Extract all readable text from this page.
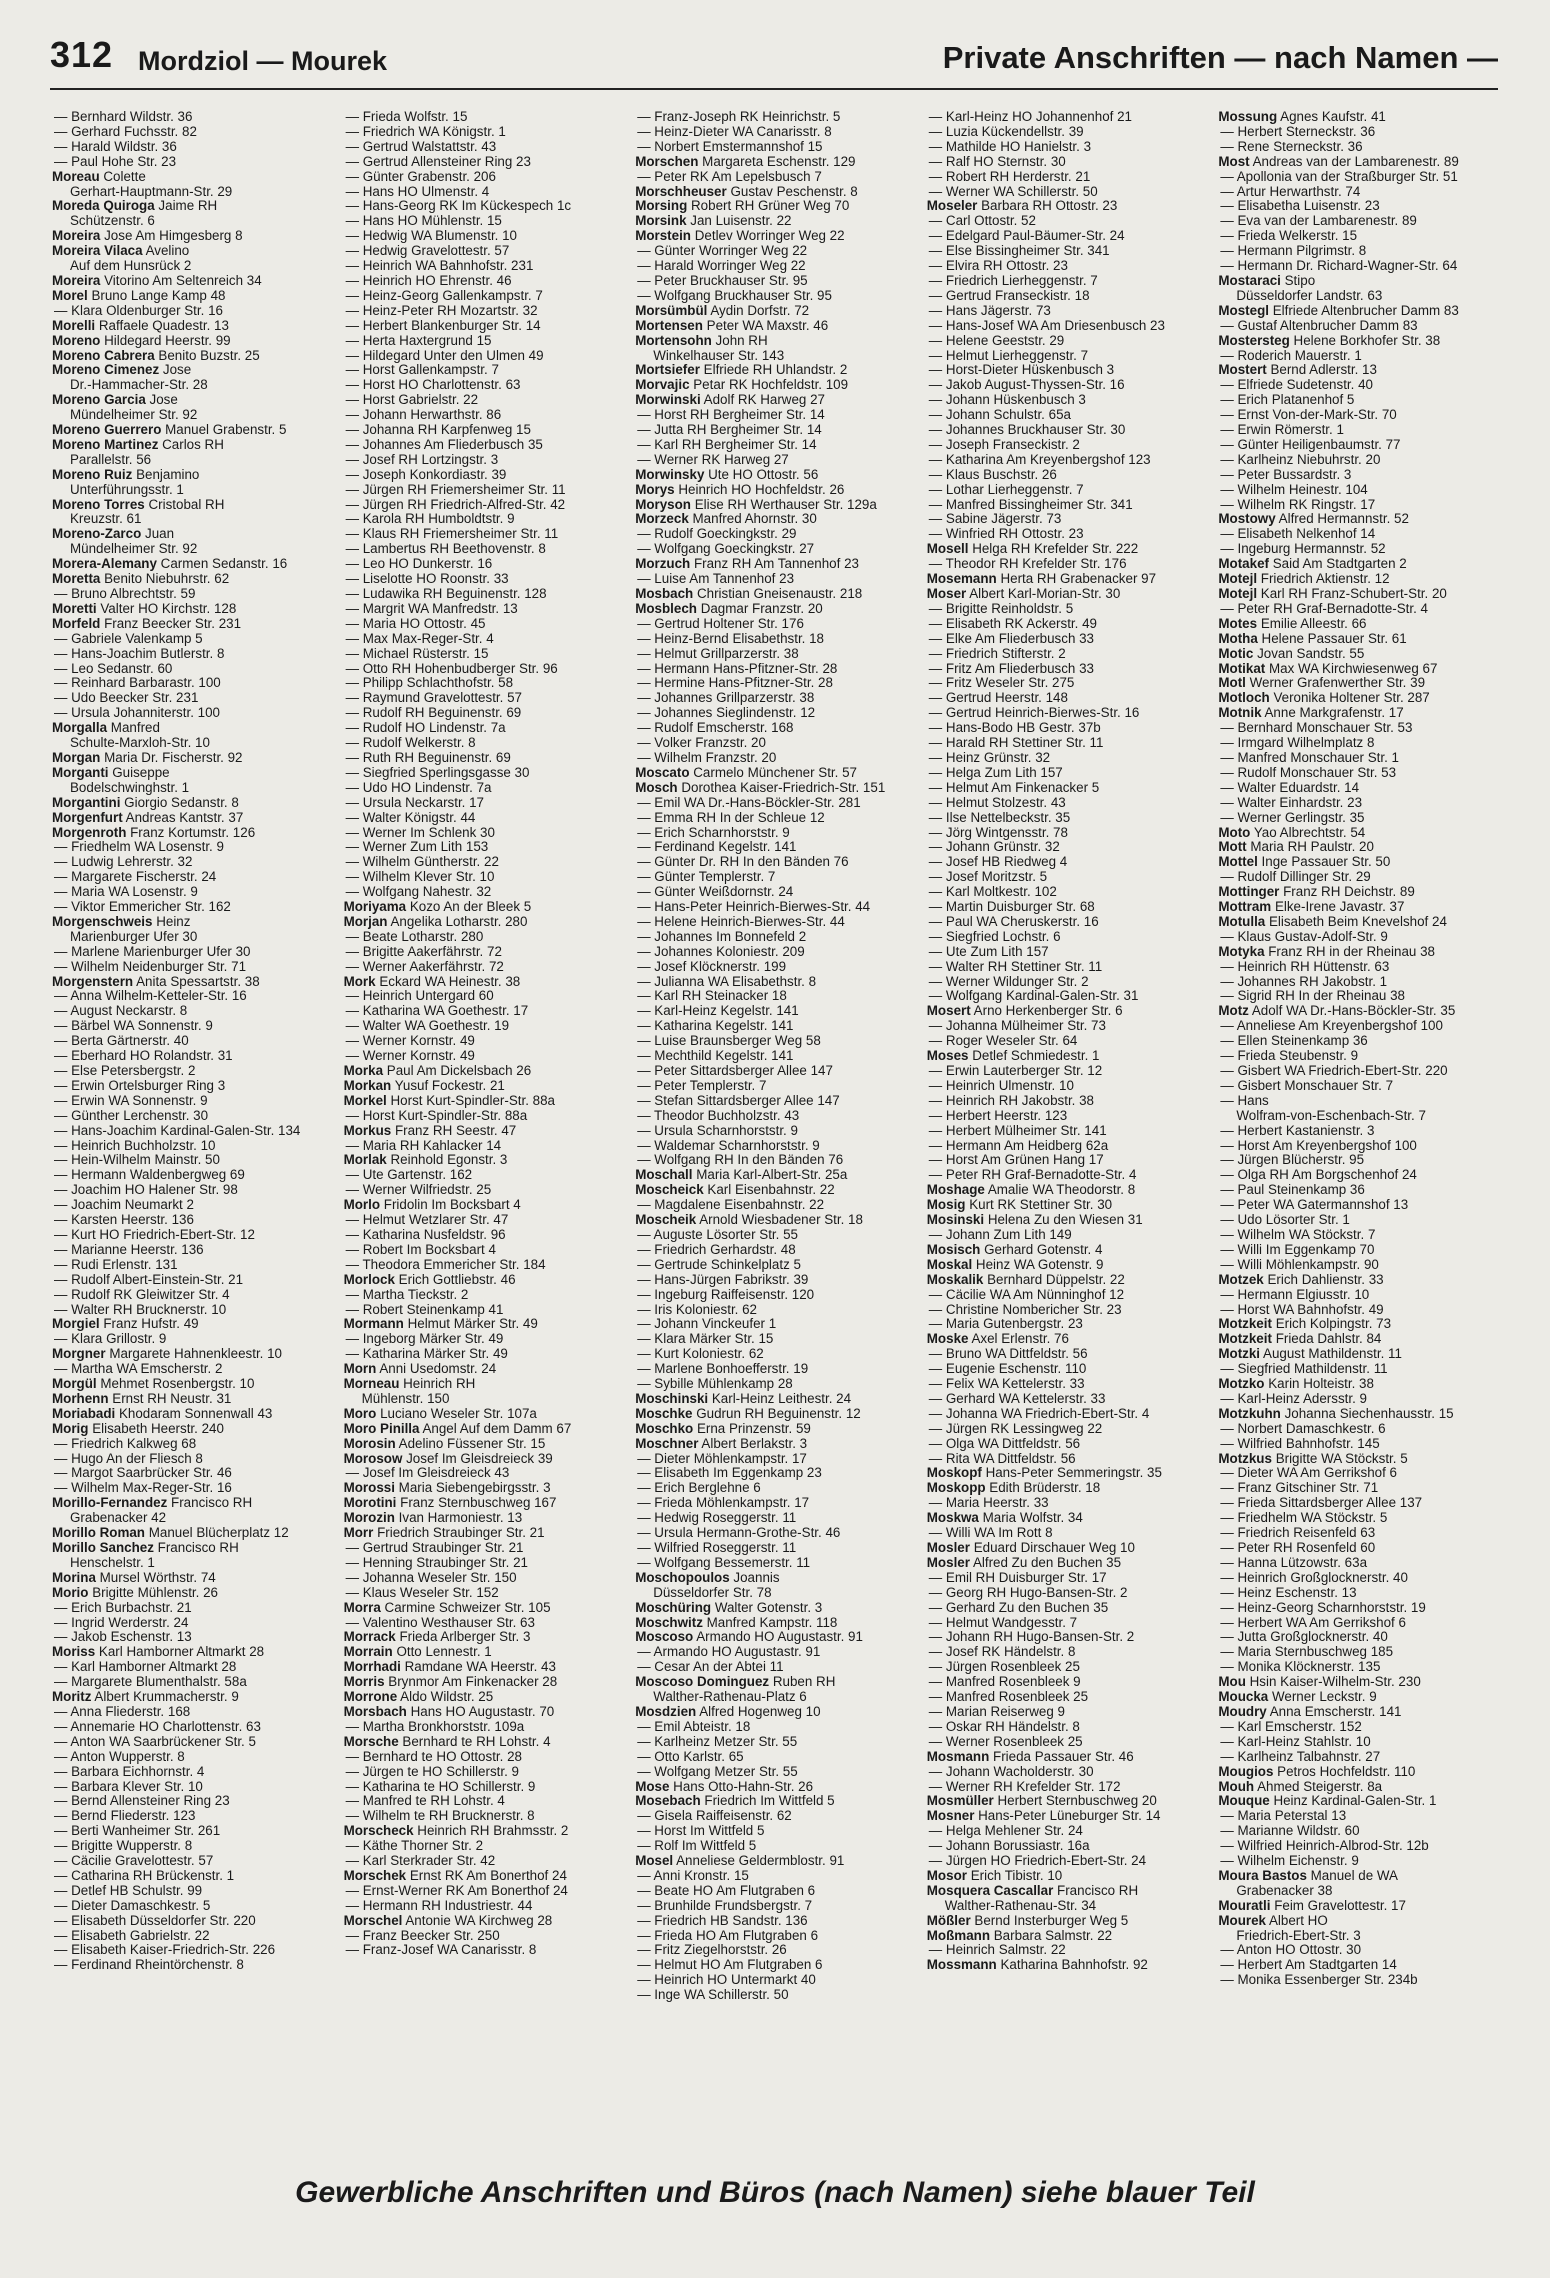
312 Mordziol — Mourek	Private Anschriften — nach Namen —
— Bernhard Wildstr. 36
— Gerhard Fuchsstr. 82
— Harald Wildstr. 36
— Paul Hohe Str. 23
Moreau Colette
Gerhart-Hauptmann-Str. 29
Moreda Quiroga Jaime RH
Schützenstr. 6
Moreira Jose Am Himgesberg 8
Moreira Vilaca Avelino
Auf dem Hunsrück 2
Moreira Vitorino Am Seltenreich 34
Morel Bruno Lange Kamp 48
— Klara Oldenburger Str. 16
Morelli Raffaele Quadestr. 13
Moreno Hildegard Heerstr. 99
Moreno Cabrera Benito Buzstr. 25
Moreno Cimenez Jose
Dr.-Hammacher-Str. 28
Moreno Garcia Jose
Mündelheimer Str. 92
Moreno Guerrero Manuel Grabenstr. 5
Moreno Martinez Carlos RH
Parallelstr. 56
Moreno Ruiz Benjamino
Unterführungsstr. 1
Moreno Torres Cristobal RH
Kreuzstr. 61
Moreno-Zarco Juan
Mündelheimer Str. 92
Morera-Alemany Carmen Sedanstr. 16
Moretta Benito Niebuhrstr. 62
— Bruno Albrechtstr. 59
Moretti Valter HO Kirchstr. 128
Morfeld Franz Beecker Str. 231
— Gabriele Valenkamp 5
— Hans-Joachim Butlerstr. 8
— Leo Sedanstr. 60
— Reinhard Barbarastr. 100
— Udo Beecker Str. 231
— Ursula Johanniterstr. 100
Morgalla Manfred
Schulte-Marxloh-Str. 10
Morgan Maria Dr. Fischerstr. 92
Morganti Guiseppe
Bodelschwinghstr. 1
Morgantini Giorgio Sedanstr. 8
Morgenfurt Andreas Kantstr. 37
Morgenroth Franz Kortumstr. 126
— Friedhelm WA Losenstr. 9
— Ludwig Lehrerstr. 32
— Margarete Fischerstr. 24
— Maria WA Losenstr. 9
— Viktor Emmericher Str. 162
Morgenschweis Heinz
Marienburger Ufer 30
— Marlene Marienburger Ufer 30
— Wilhelm Neidenburger Str. 71
Morgenstern Anita Spessartstr. 38
— Anna Wilhelm-Ketteler-Str. 16
— August Neckarstr. 8
— Bärbel WA Sonnenstr. 9
— Berta Gärtnerstr. 40
— Eberhard HO Rolandstr. 31
— Else Petersbergstr. 2
— Erwin Ortelsburger Ring 3
— Erwin WA Sonnenstr. 9
— Günther Lerchenstr. 30
— Hans-Joachim Kardinal-Galen-Str. 134
— Heinrich Buchholzstr. 10
— Hein-Wilhelm Mainstr. 50
— Hermann Waldenbergweg 69
— Joachim HO Halener Str. 98
— Joachim Neumarkt 2
— Karsten Heerstr. 136
— Kurt HO Friedrich-Ebert-Str. 12
— Marianne Heerstr. 136
— Rudi Erlenstr. 131
— Rudolf Albert-Einstein-Str. 21
— Rudolf RK Gleiwitzer Str. 4
— Walter RH Brucknerstr. 10
Morgiel Franz Hufstr. 49
— Klara Grillostr. 9
Morgner Margarete Hahnenkleestr. 10
— Martha WA Emscherstr. 2
Morgül Mehmet Rosenbergstr. 10
Morhenn Ernst RH Neustr. 31
Moriabadi Khodaram Sonnenwall 43
Morig Elisabeth Heerstr. 240
— Friedrich Kalkweg 68
— Hugo An der Fliesch 8
— Margot Saarbrücker Str. 46
— Wilhelm Max-Reger-Str. 16
Morillo-Fernandez Francisco RH
Grabenacker 42
Morillo Roman Manuel Blücherplatz 12
Morillo Sanchez Francisco RH
Henschelstr. 1
Morina Mursel Wörthstr. 74
Morio Brigitte Mühlenstr. 26
— Erich Burbachstr. 21
— Ingrid Werderstr. 24
— Jakob Eschenstr. 13
Moriss Karl Hamborner Altmarkt 28
— Karl Hamborner Altmarkt 28
— Margarete Blumenthalstr. 58a
Moritz Albert Krummacherstr. 9
— Anna Fliederstr. 168
— Annemarie HO Charlottenstr. 63
— Anton WA Saarbrückener Str. 5
— Anton Wupperstr. 8
— Barbara Eichhornstr. 4
— Barbara Klever Str. 10
— Bernd Allensteiner Ring 23
— Bernd Fliederstr. 123
— Berti Wanheimer Str. 261
— Brigitte Wupperstr. 8
— Cäcilie Gravelottestr. 57
— Catharina RH Brückenstr. 1
— Detlef HB Schulstr. 99
— Dieter Damaschkestr. 5
— Elisabeth Düsseldorfer Str. 220
— Elisabeth Gabrielstr. 22
— Elisabeth Kaiser-Friedrich-Str. 226
— Ferdinand Rheintörchenstr. 8
— Frieda Wolfstr. 15
— Friedrich WA Königstr. 1
— Gertrud Walstattstr. 43
— Gertrud Allensteiner Ring 23
— Günter Grabenstr. 206
— Hans HO Ulmenstr. 4
— Hans-Georg RK Im Kückespech 1c
— Hans HO Mühlenstr. 15
— Hedwig WA Blumenstr. 10
— Hedwig Gravelottestr. 57
— Heinrich WA Bahnhofstr. 231
— Heinrich HO Ehrenstr. 46
— Heinz-Georg Gallenkampstr. 7
— Heinz-Peter RH Mozartstr. 32
— Herbert Blankenburger Str. 14
— Herta Haxtergrund 15
— Hildegard Unter den Ulmen 49
— Horst Gallenkampstr. 7
— Horst HO Charlottenstr. 63
— Horst Gabrielstr. 22
— Johann Herwarthstr. 86
— Johanna RH Karpfenweg 15
— Johannes Am Fliederbusch 35
— Josef RH Lortzingstr. 3
— Joseph Konkordiastr. 39
— Jürgen RH Friemersheimer Str. 11
— Jürgen RH Friedrich-Alfred-Str. 42
— Karola RH Humboldtstr. 9
— Klaus RH Friemersheimer Str. 11
— Lambertus RH Beethovenstr. 8
— Leo HO Dunkerstr. 16
— Liselotte HO Roonstr. 33
— Ludawika RH Beguinenstr. 128
— Margrit WA Manfredstr. 13
— Maria HO Ottostr. 45
— Max Max-Reger-Str. 4
— Michael Rüsterstr. 15
— Otto RH Hohenbudberger Str. 96
— Philipp Schlachthofstr. 58
— Raymund Gravelottestr. 57
— Rudolf RH Beguinenstr. 69
— Rudolf HO Lindenstr. 7a
— Rudolf Welkerstr. 8
— Ruth RH Beguinenstr. 69
— Siegfried Sperlingsgasse 30
— Udo HO Lindenstr. 7a
— Ursula Neckarstr. 17
— Walter Königstr. 44
— Werner Im Schlenk 30
— Werner Zum Lith 153
— Wilhelm Güntherstr. 22
— Wilhelm Klever Str. 10
— Wolfgang Nahestr. 32
Moriyama Kozo An der Bleek 5
Morjan Angelika Lotharstr. 280
— Beate Lotharstr. 280
— Brigitte Aakerfährstr. 72
— Werner Aakerfährstr. 72
Mork Eckard WA Heinestr. 38
— Heinrich Untergard 60
— Katharina WA Goethestr. 17
— Walter WA Goethestr. 19
— Werner Kornstr. 49
— Werner Kornstr. 49
Morka Paul Am Dickelsbach 26
Morkan Yusuf Fockestr. 21
Morkel Horst Kurt-Spindler-Str. 88a
— Horst Kurt-Spindler-Str. 88a
Morkus Franz RH Seestr. 47
— Maria RH Kahlacker 14
Morlak Reinhold Egonstr. 3
— Ute Gartenstr. 162
— Werner Wilfriedstr. 25
Morlo Fridolin Im Bocksbart 4
— Helmut Wetzlarer Str. 47
— Katharina Nusfeldstr. 96
— Robert Im Bocksbart 4
— Theodora Emmericher Str. 184
Morlock Erich Gottliebstr. 46
— Martha Tieckstr. 2
— Robert Steinenkamp 41
Mormann Helmut Märker Str. 49
— Ingeborg Märker Str. 49
— Katharina Märker Str. 49
Morn Anni Usedomstr. 24
Morneau Heinrich RH
Mühlenstr. 150
Moro Luciano Weseler Str. 107a
Moro Pinilla Angel Auf dem Damm 67
Morosin Adelino Füssener Str. 15
Morosow Josef Im Gleisdreieck 39
— Josef Im Gleisdreieck 43
Morossi Maria Siebengebirgsstr. 3
Morotini Franz Sternbuschweg 167
Morozin Ivan Harmoniestr. 13
Morr Friedrich Straubinger Str. 21
— Gertrud Straubinger Str. 21
— Henning Straubinger Str. 21
— Johanna Weseler Str. 150
— Klaus Weseler Str. 152
Morra Carmine Schweizer Str. 105
— Valentino Westhauser Str. 63
Morrack Frieda Arlberger Str. 3
Morrain Otto Lennestr. 1
Morrhadi Ramdane WA Heerstr. 43
Morris Brynmor Am Finkenacker 28
Morrone Aldo Wildstr. 25
Morsbach Hans HO Augustastr. 70
— Martha Bronkhorststr. 109a
Morsche Bernhard te RH Lohstr. 4
— Bernhard te HO Ottostr. 28
— Jürgen te HO Schillerstr. 9
— Katharina te HO Schillerstr. 9
— Manfred te RH Lohstr. 4
— Wilhelm te RH Brucknerstr. 8
Morscheck Heinrich RH Brahmsstr. 2
— Käthe Thorner Str. 2
— Karl Sterkrader Str. 42
Morschek Ernst RK Am Bonerthof 24
— Ernst-Werner RK Am Bonerthof 24
— Hermann RH Industriestr. 44
Morschel Antonie WA Kirchweg 28
— Franz Beecker Str. 250
— Franz-Josef WA Canarisstr. 8
— Franz-Joseph RK Heinrichstr. 5
— Heinz-Dieter WA Canarisstr. 8
— Norbert Emstermannshof 15
Morschen Margareta Eschenstr. 129
— Peter RK Am Lepelsbusch 7
Morschheuser Gustav Peschenstr. 8
Morsing Robert RH Grüner Weg 70
Morsink Jan Luisenstr. 22
Morstein Detlev Worringer Weg 22
— Günter Worringer Weg 22
— Harald Worringer Weg 22
— Peter Bruckhauser Str. 95
— Wolfgang Bruckhauser Str. 95
Morsümbül Aydin Dorfstr. 72
Mortensen Peter WA Maxstr. 46
Mortensohn John RH
Winkelhauser Str. 143
Mortsiefer Elfriede RH Uhlandstr. 2
Morvajic Petar RK Hochfeldstr. 109
Morwinski Adolf RK Harweg 27
— Horst RH Bergheimer Str. 14
— Jutta RH Bergheimer Str. 14
— Karl RH Bergheimer Str. 14
— Werner RK Harweg 27
Morwinsky Ute HO Ottostr. 56
Morys Heinrich HO Hochfeldstr. 26
Moryson Elise RH Werthauser Str. 129a
Morzeck Manfred Ahornstr. 30
— Rudolf Goeckingkstr. 29
— Wolfgang Goeckingkstr. 27
Morzuch Franz RH Am Tannenhof 23
— Luise Am Tannenhof 23
Mosbach Christian Gneisenaustr. 218
Mosblech Dagmar Franzstr. 20
— Gertrud Holtener Str. 176
— Heinz-Bernd Elisabethstr. 18
— Helmut Grillparzerstr. 38
— Hermann Hans-Pfitzner-Str. 28
— Hermine Hans-Pfitzner-Str. 28
— Johannes Grillparzerstr. 38
— Johannes Sieglindenstr. 12
— Rudolf Emscherstr. 168
— Volker Franzstr. 20
— Wilhelm Franzstr. 20
Moscato Carmelo Münchener Str. 57
Mosch Dorothea Kaiser-Friedrich-Str. 151
— Emil WA Dr.-Hans-Böckler-Str. 281
— Emma RH In der Schleue 12
— Erich Scharnhorststr. 9
— Ferdinand Kegelstr. 141
— Günter Dr. RH In den Bänden 76
— Günter Templerstr. 7
— Günter Weißdornstr. 24
— Hans-Peter Heinrich-Bierwes-Str. 44
— Helene Heinrich-Bierwes-Str. 44
— Johannes Im Bonnefeld 2
— Johannes Koloniestr. 209
— Josef Klöcknerstr. 199
— Julianna WA Elisabethstr. 8
— Karl RH Steinacker 18
— Karl-Heinz Kegelstr. 141
— Katharina Kegelstr. 141
— Luise Braunsberger Weg 58
— Mechthild Kegelstr. 141
— Peter Sittardsberger Allee 147
— Peter Templerstr. 7
— Stefan Sittardsberger Allee 147
— Theodor Buchholzstr. 43
— Ursula Scharnhorststr. 9
— Waldemar Scharnhorststr. 9
— Wolfgang RH In den Bänden 76
Moschall Maria Karl-Albert-Str. 25a
Moscheick Karl Eisenbahnstr. 22
— Magdalene Eisenbahnstr. 22
Moscheik Arnold Wiesbadener Str. 18
— Auguste Lösorter Str. 55
— Friedrich Gerhardstr. 48
— Gertrude Schinkelplatz 5
— Hans-Jürgen Fabrikstr. 39
— Ingeburg Raiffeisenstr. 120
— Iris Koloniestr. 62
— Johann Vinckeufer 1
— Klara Märker Str. 15
— Kurt Koloniestr. 62
— Marlene Bonhoefferstr. 19
— Sybille Mühlenkamp 28
Moschinski Karl-Heinz Leithestr. 24
Moschke Gudrun RH Beguinenstr. 12
Moschko Erna Prinzenstr. 59
Moschner Albert Berlakstr. 3
— Dieter Möhlenkampstr. 17
— Elisabeth Im Eggenkamp 23
— Erich Berglehne 6
— Frieda Möhlenkampstr. 17
— Hedwig Roseggerstr. 11
— Ursula Hermann-Grothe-Str. 46
— Wilfried Roseggerstr. 11
— Wolfgang Bessemerstr. 11
Moschopoulos Joannis
Düsseldorfer Str. 78
Moschüring Walter Gotenstr. 3
Moschwitz Manfred Kampstr. 118
Moscoso Armando HO Augustastr. 91
— Armando HO Augustastr. 91
— Cesar An der Abtei 11
Moscoso Dominguez Ruben RH
Walther-Rathenau-Platz 6
Mosdzien Alfred Hogenweg 10
— Emil Abteistr. 18
— Karlheinz Metzer Str. 55
— Otto Karlstr. 65
— Wolfgang Metzer Str. 55
Mose Hans Otto-Hahn-Str. 26
Mosebach Friedrich Im Wittfeld 5
— Gisela Raiffeisenstr. 62
— Horst Im Wittfeld 5
— Rolf Im Wittfeld 5
Mosel Anneliese Geldermblostr. 91
— Anni Kronstr. 15
— Beate HO Am Flutgraben 6
— Brunhilde Frundsbergstr. 7
— Friedrich HB Sandstr. 136
— Frieda HO Am Flutgraben 6
— Fritz Ziegelhorststr. 26
— Helmut HO Am Flutgraben 6
— Heinrich HO Untermarkt 40
— Inge WA Schillerstr. 50
— Karl-Heinz HO Johannenhof 21
— Luzia Kückendellstr. 39
— Mathilde HO Hanielstr. 3
— Ralf HO Sternstr. 30
— Robert RH Herderstr. 21
— Werner WA Schillerstr. 50
Moseler Barbara RH Ottostr. 23
— Carl Ottostr. 52
— Edelgard Paul-Bäumer-Str. 24
— Else Bissingheimer Str. 341
— Elvira RH Ottostr. 23
— Friedrich Lierheggenstr. 7
— Gertrud Franseckistr. 18
— Hans Jägerstr. 73
— Hans-Josef WA Am Driesenbusch 23
— Helene Geeststr. 29
— Helmut Lierheggenstr. 7
— Horst-Dieter Hüskenbusch 3
— Jakob August-Thyssen-Str. 16
— Johann Hüskenbusch 3
— Johann Schulstr. 65a
— Johannes Bruckhauser Str. 30
— Joseph Franseckistr. 2
— Katharina Am Kreyenbergshof 123
— Klaus Buschstr. 26
— Lothar Lierheggenstr. 7
— Manfred Bissingheimer Str. 341
— Sabine Jägerstr. 73
— Winfried RH Ottostr. 23
Mosell Helga RH Krefelder Str. 222
— Theodor RH Krefelder Str. 176
Mosemann Herta RH Grabenacker 97
Moser Albert Karl-Morian-Str. 30
— Brigitte Reinholdstr. 5
— Elisabeth RK Ackerstr. 49
— Elke Am Fliederbusch 33
— Friedrich Stifterstr. 2
— Fritz Am Fliederbusch 33
— Fritz Weseler Str. 275
— Gertrud Heerstr. 148
— Gertrud Heinrich-Bierwes-Str. 16
— Hans-Bodo HB Gestr. 37b
— Harald RH Stettiner Str. 11
— Heinz Grünstr. 32
— Helga Zum Lith 157
— Helmut Am Finkenacker 5
— Helmut Stolzestr. 43
— Ilse Nettelbeckstr. 35
— Jörg Wintgensstr. 78
— Johann Grünstr. 32
— Josef HB Riedweg 4
— Josef Moritzstr. 5
— Karl Moltkestr. 102
— Martin Duisburger Str. 68
— Paul WA Cheruskerstr. 16
— Siegfried Lochstr. 6
— Ute Zum Lith 157
— Walter RH Stettiner Str. 11
— Werner Wildunger Str. 2
— Wolfgang Kardinal-Galen-Str. 31
Mosert Arno Herkenberger Str. 6
— Johanna Mülheimer Str. 73
— Roger Weseler Str. 64
Moses Detlef Schmiedestr. 1
— Erwin Lauterberger Str. 12
— Heinrich Ulmenstr. 10
— Heinrich RH Jakobstr. 38
— Herbert Heerstr. 123
— Herbert Mülheimer Str. 141
— Hermann Am Heidberg 62a
— Horst Am Grünen Hang 17
— Peter RH Graf-Bernadotte-Str. 4
Moshage Amalie WA Theodorstr. 8
Mosig Kurt RK Stettiner Str. 30
Mosinski Helena Zu den Wiesen 31
— Johann Zum Lith 149
Mosisch Gerhard Gotenstr. 4
Moskal Heinz WA Gotenstr. 9
Moskalik Bernhard Düppelstr. 22
— Cäcilie WA Am Nünninghof 12
— Christine Nombericher Str. 23
— Maria Gutenbergstr. 23
Moske Axel Erlenstr. 76
— Bruno WA Dittfeldstr. 56
— Eugenie Eschenstr. 110
— Felix WA Kettelerstr. 33
— Gerhard WA Kettelerstr. 33
— Johanna WA Friedrich-Ebert-Str. 4
— Jürgen RK Lessingweg 22
— Olga WA Dittfeldstr. 56
— Rita WA Dittfeldstr. 56
Moskopf Hans-Peter Semmeringstr. 35
Moskopp Edith Brüderstr. 18
— Maria Heerstr. 33
Moskwa Maria Wolfstr. 34
— Willi WA Im Rott 8
Mosler Eduard Dirschauer Weg 10
Mosler Alfred Zu den Buchen 35
— Emil RH Duisburger Str. 17
— Georg RH Hugo-Bansen-Str. 2
— Gerhard Zu den Buchen 35
— Helmut Wandgesstr. 7
— Johann RH Hugo-Bansen-Str. 2
— Josef RK Händelstr. 8
— Jürgen Rosenbleek 25
— Manfred Rosenbleek 9
— Manfred Rosenbleek 25
— Marian Reiserweg 9
— Oskar RH Händelstr. 8
— Werner Rosenbleek 25
Mosmann Frieda Passauer Str. 46
— Johann Wacholderstr. 30
— Werner RH Krefelder Str. 172
Mosmüller Herbert Sternbuschweg 20
Mosner Hans-Peter Lüneburger Str. 14
— Helga Mehlener Str. 24
— Johann Borussiastr. 16a
— Jürgen HO Friedrich-Ebert-Str. 24
Mosor Erich Tibistr. 10
Mosquera Cascallar Francisco RH
Walther-Rathenau-Str. 34
Mößler Bernd Insterburger Weg 5
Moßmann Barbara Salmstr. 22
— Heinrich Salmstr. 22
Mossmann Katharina Bahnhofstr. 92
Mossung Agnes Kaufstr. 41
— Herbert Sterneckstr. 36
— Rene Sterneckstr. 36
Most Andreas van der Lambarenestr. 89
— Apollonia van der Straßburger Str. 51
— Artur Herwarthstr. 74
— Elisabetha Luisenstr. 23
— Eva van der Lambarenestr. 89
— Frieda Welkerstr. 15
— Hermann Pilgrimstr. 8
— Hermann Dr. Richard-Wagner-Str. 64
Mostaraci Stipo
Düsseldorfer Landstr. 63
Mostegl Elfriede Altenbrucher Damm 83
— Gustaf Altenbrucher Damm 83
Mostersteg Helene Borkhofer Str. 38
— Roderich Mauerstr. 1
Mostert Bernd Adlerstr. 13
— Elfriede Sudetenstr. 40
— Erich Platanenhof 5
— Ernst Von-der-Mark-Str. 70
— Erwin Römerstr. 1
— Günter Heiligenbaumstr. 77
— Karlheinz Niebuhrstr. 20
— Peter Bussardstr. 3
— Wilhelm Heinestr. 104
— Wilhelm RK Ringstr. 17
Mostowy Alfred Hermannstr. 52
— Elisabeth Nelkenhof 14
— Ingeburg Hermannstr. 52
Motakef Said Am Stadtgarten 2
Motejl Friedrich Aktienstr. 12
Motejl Karl RH Franz-Schubert-Str. 20
— Peter RH Graf-Bernadotte-Str. 4
Motes Emilie Alleestr. 66
Motha Helene Passauer Str. 61
Motic Jovan Sandstr. 55
Motikat Max WA Kirchwiesenweg 67
Motl Werner Grafenwerther Str. 39
Motloch Veronika Holtener Str. 287
Motnik Anne Markgrafenstr. 17
— Bernhard Monschauer Str. 53
— Irmgard Wilhelmplatz 8
— Manfred Monschauer Str. 1
— Rudolf Monschauer Str. 53
— Walter Eduardstr. 14
— Walter Einhardstr. 23
— Werner Gerlingstr. 35
Moto Yao Albrechtstr. 54
Mott Maria RH Paulstr. 20
Mottel Inge Passauer Str. 50
— Rudolf Dillinger Str. 29
Mottinger Franz RH Deichstr. 89
Mottram Elke-Irene Javastr. 37
Motulla Elisabeth Beim Knevelshof 24
— Klaus Gustav-Adolf-Str. 9
Motyka Franz RH in der Rheinau 38
— Heinrich RH Hüttenstr. 63
— Johannes RH Jakobstr. 1
— Sigrid RH In der Rheinau 38
Motz Adolf WA Dr.-Hans-Böckler-Str. 35
— Anneliese Am Kreyenbergshof 100
— Ellen Steinenkamp 36
— Frieda Steubenstr. 9
— Gisbert WA Friedrich-Ebert-Str. 220
— Gisbert Monschauer Str. 7
— Hans
Wolfram-von-Eschenbach-Str. 7
— Herbert Kastanienstr. 3
— Horst Am Kreyenbergshof 100
— Jürgen Blücherstr. 95
— Olga RH Am Borgschenhof 24
— Paul Steinenkamp 36
— Peter WA Gatermannshof 13
— Udo Lösorter Str. 1
— Wilhelm WA Stöckstr. 7
— Willi Im Eggenkamp 70
— Willi Möhlenkampstr. 90
Motzek Erich Dahlienstr. 33
— Hermann Elgiusstr. 10
— Horst WA Bahnhofstr. 49
Motzkeit Erich Kolpingstr. 73
Motzkeit Frieda Dahlstr. 84
Motzki August Mathildenstr. 11
— Siegfried Mathildenstr. 11
Motzko Karin Holteistr. 38
— Karl-Heinz Adersstr. 9
Motzkuhn Johanna Siechenhausstr. 15
— Norbert Damaschkestr. 6
— Wilfried Bahnhofstr. 145
Motzkus Brigitte WA Stöckstr. 5
— Dieter WA Am Gerrikshof 6
— Franz Gitschiner Str. 71
— Frieda Sittardsberger Allee 137
— Friedhelm WA Stöckstr. 5
— Friedrich Reisenfeld 63
— Peter RH Rosenfeld 60
— Hanna Lützowstr. 63a
— Heinrich Großglocknerstr. 40
— Heinz Eschenstr. 13
— Heinz-Georg Scharnhorststr. 19
— Herbert WA Am Gerrikshof 6
— Jutta Großglocknerstr. 40
— Maria Sternbuschweg 185
— Monika Klöcknerstr. 135
Mou Hsin Kaiser-Wilhelm-Str. 230
Moucka Werner Leckstr. 9
Moudry Anna Emscherstr. 141
— Karl Emscherstr. 152
— Karl-Heinz Stahlstr. 10
— Karlheinz Talbahnstr. 27
Mougios Petros Hochfeldstr. 110
Mouh Ahmed Steigerstr. 8a
Mouque Heinz Kardinal-Galen-Str. 1
— Maria Peterstal 13
— Marianne Wildstr. 60
— Wilfried Heinrich-Albrod-Str. 12b
— Wilhelm Eichenstr. 9
Moura Bastos Manuel de WA
Grabenacker 38
Mouratli Feim Gravelottestr. 17
Mourek Albert HO
Friedrich-Ebert-Str. 3
— Anton HO Ottostr. 30
— Herbert Am Stadtgarten 14
— Monika Essenberger Str. 234b
Gewerbliche Anschriften und Büros (nach Namen) siehe blauer Teil
